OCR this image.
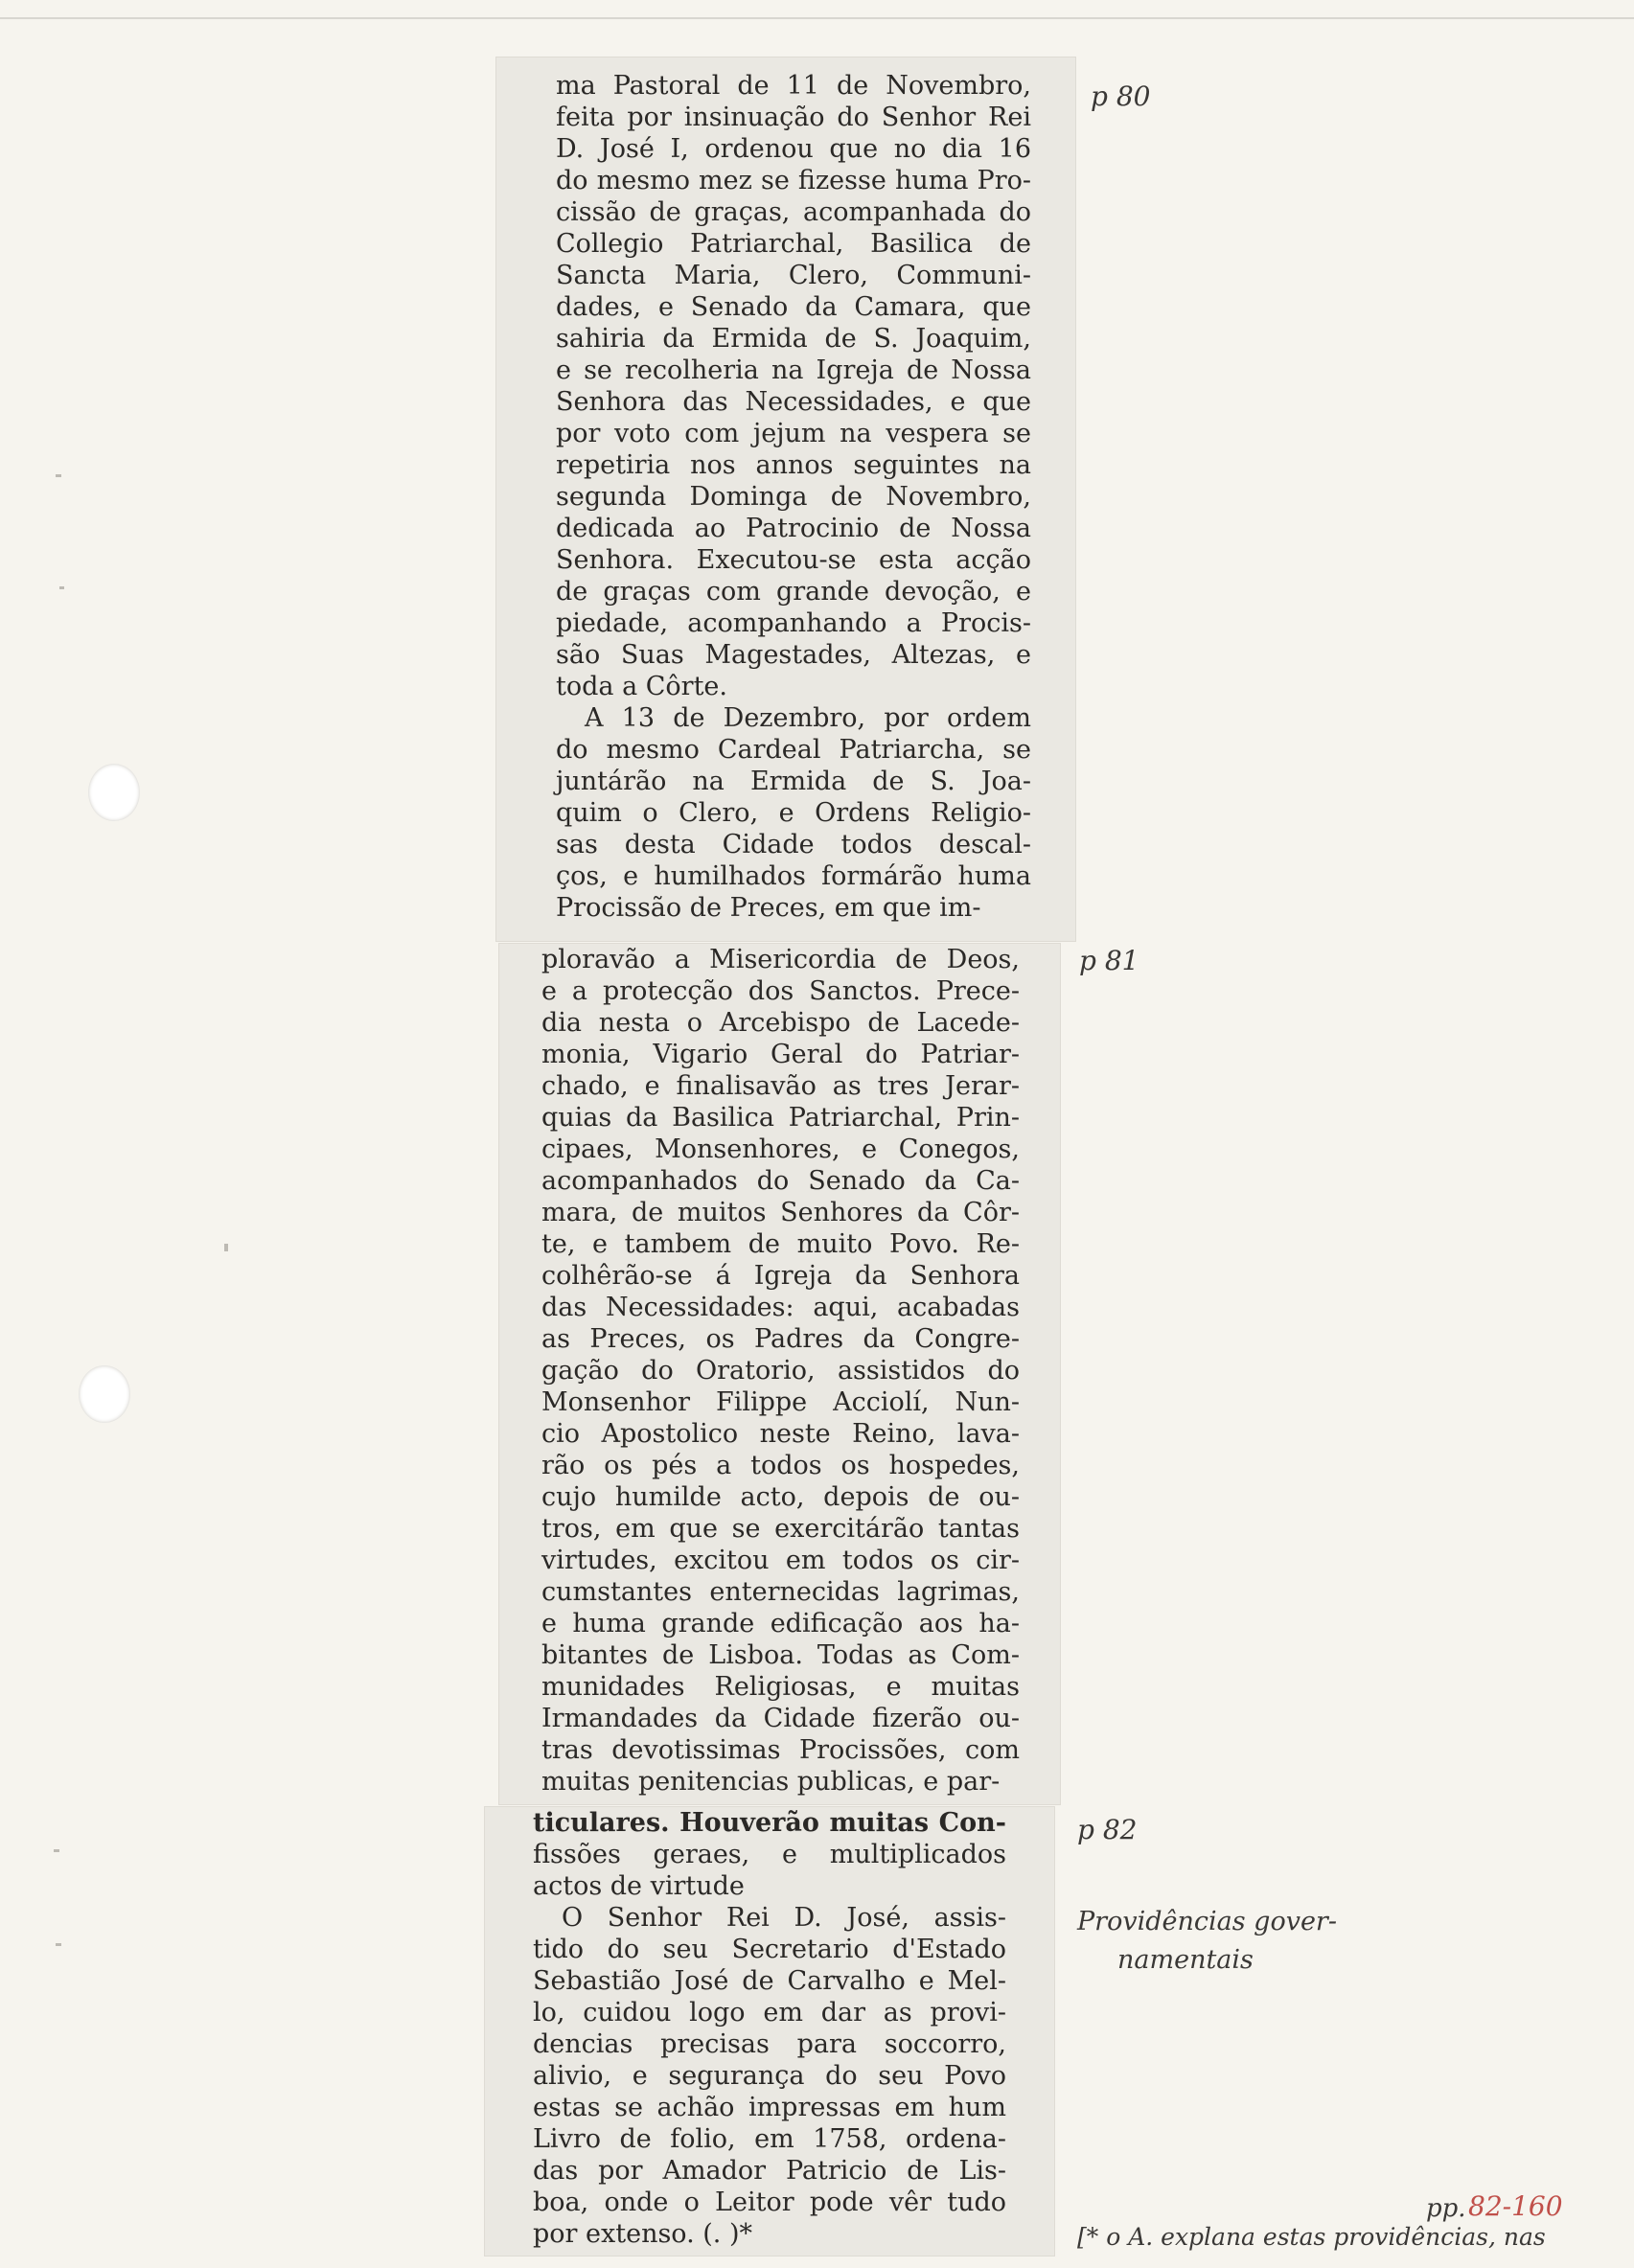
ma Pastoral de 11 de Novembro,
feita por insinuação do Senhor Rei
D. José I, ordenou que no dia 16
do mesmo mez se fizesse huma Pro-
cissão de graças, acompanhada do
Collegio Patriarchal, Basilica de
Sancta Maria, Clero, Communi-
dades, e Senado da Camara, que
sahiria da Ermida de S. Joaquim,
e se recolheria na Igreja de Nossa
Senhora das Necessidades, e que
por voto com jejum na vespera se
repetiria nos annos seguintes na
segunda Dominga de Novembro,
dedicada ao Patrocinio de Nossa
Senhora. Executou-se esta acção
de graças com grande devoção, e
piedade, acompanhando a Procis-
são Suas Magestades, Altezas, e
toda a Côrte.
A 13 de Dezembro, por ordem
do mesmo Cardeal Patriarcha, se
juntárão na Ermida de S. Joa-
quim o Clero, e Ordens Religio-
sas desta Cidade todos descal-
ços, e humilhados formárão huma
Procissão de Preces, em que im-
ploravão a Misericordia de Deos,
e a protecção dos Sanctos. Prece-
dia nesta o Arcebispo de Lacede-
monia, Vigario Geral do Patriar-
chado, e finalisavão as tres Jerar-
quias da Basilica Patriarchal, Prin-
cipaes, Monsenhores, e Conegos,
acompanhados do Senado da Ca-
mara, de muitos Senhores da Côr-
te, e tambem de muito Povo. Re-
colhêrão-se á Igreja da Senhora
das Necessidades: aqui, acabadas
as Preces, os Padres da Congre-
gação do Oratorio, assistidos do
Monsenhor Filippe Acciolí, Nun-
cio Apostolico neste Reino, lava-
rão os pés a todos os hospedes,
cujo humilde acto, depois de ou-
tros, em que se exercitárão tantas
virtudes, excitou em todos os cir-
cumstantes enternecidas lagrimas,
e huma grande edificação aos ha-
bitantes de Lisboa. Todas as Com-
munidades Religiosas, e muitas
Irmandades da Cidade fizerão ou-
tras devotissimas Procissões, com
muitas penitencias publicas, e par-
ticulares. Houverão muitas Con-
fissões geraes, e multiplicados
actos de virtude
O Senhor Rei D. José, assis-
tido do seu Secretario d'Estado
Sebastião José de Carvalho e Mel-
lo, cuidou logo em dar as provi-
dencias precisas para soccorro,
alivio, e segurança do seu Povo
estas se achão impressas em hum
Livro de folio, em 1758, ordena-
das por Amador Patricio de Lis-
boa, onde o Leitor pode vêr tudo
por extenso. (. )*
p 80
p 81
p 82
Providências gover-
namentais
pp. 82-160
[* o A. explana estas providências, nas
